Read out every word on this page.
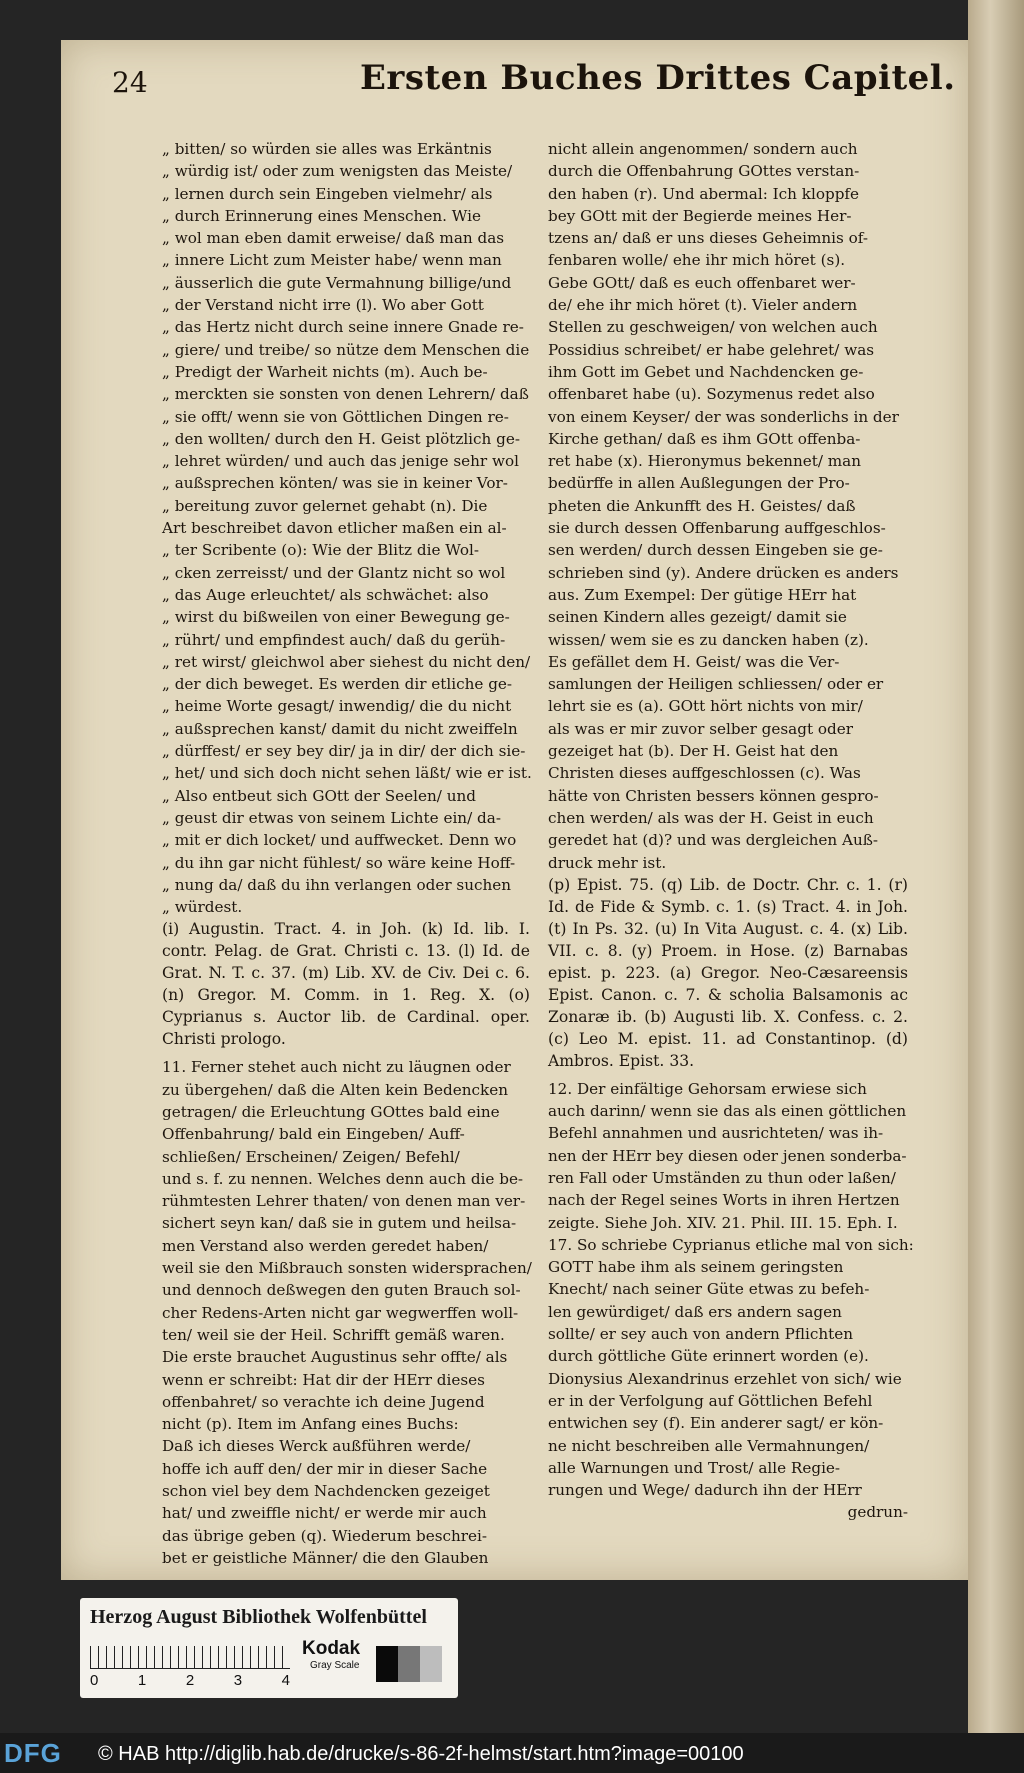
24	Ersten Buches Drittes Capitel.
„ bitten/ so würden sie alles was Erkäntnis
„ würdig ist/ oder zum wenigsten das Meiste/
„ lernen durch sein Eingeben vielmehr/ als
„ durch Erinnerung eines Menschen. Wie
„ wol man eben damit erweise/ daß man das
„ innere Licht zum Meister habe/ wenn man
„ äusserlich die gute Vermahnung billige/und
„ der Verstand nicht irre (l). Wo aber Gott
„ das Hertz nicht durch seine innere Gnade re-
„ giere/ und treibe/ so nütze dem Menschen die
„ Predigt der Warheit nichts (m). Auch be-
„ merckten sie sonsten von denen Lehrern/ daß
„ sie offt/ wenn sie von Göttlichen Dingen re-
„ den wollten/ durch den H. Geist plötzlich ge-
„ lehret würden/ und auch das jenige sehr wol
„ außsprechen könten/ was sie in keiner Vor-
„ bereitung zuvor gelernet gehabt (n). Die
Art beschreibet davon etlicher maßen ein al-
„ ter Scribente (o): Wie der Blitz die Wol-
„ cken zerreisst/ und der Glantz nicht so wol
„ das Auge erleuchtet/ als schwächet: also
„ wirst du bißweilen von einer Bewegung ge-
„ rührt/ und empfindest auch/ daß du gerüh-
„ ret wirst/ gleichwol aber siehest du nicht den/
„ der dich beweget. Es werden dir etliche ge-
„ heime Worte gesagt/ inwendig/ die du nicht
„ außsprechen kanst/ damit du nicht zweiffeln
„ dürffest/ er sey bey dir/ ja in dir/ der dich sie-
„ het/ und sich doch nicht sehen läßt/ wie er ist.
„ Also entbeut sich GOtt der Seelen/ und
„ geust dir etwas von seinem Lichte ein/ da-
„ mit er dich locket/ und auffwecket. Denn wo
„ du ihn gar nicht fühlest/ so wäre keine Hoff-
„ nung da/ daß du ihn verlangen oder suchen
„ würdest.

(i) Augustin. Tract. 4. in Joh. (k) Id. lib. I. contr. Pelag. de Grat. Christi c. 13. (l) Id. de Grat. N. T. c. 37. (m) Lib. XV. de Civ. Dei c. 6. (n) Gregor. M. Comm. in 1. Reg. X. (o) Cyprianus s. Auctor lib. de Cardinal. oper. Christi prologo.

11. Ferner stehet auch nicht zu läugnen oder
zu übergehen/ daß die Alten kein Bedencken
getragen/ die Erleuchtung GOttes bald eine
Offenbahrung/ bald ein Eingeben/ Auff-
schließen/ Erscheinen/ Zeigen/ Befehl/
und s. f. zu nennen. Welches denn auch die be-
rühmtesten Lehrer thaten/ von denen man ver-
sichert seyn kan/ daß sie in gutem und heilsa-
men Verstand also werden geredet haben/
weil sie den Mißbrauch sonsten widersprachen/
und dennoch deßwegen den guten Brauch sol-
cher Redens-Arten nicht gar wegwerffen woll-
ten/ weil sie der Heil. Schrifft gemäß waren.
Die erste brauchet Augustinus sehr offte/ als
wenn er schreibt: Hat dir der HErr dieses
offenbahret/ so verachte ich deine Jugend
nicht (p). Item im Anfang eines Buchs:
Daß ich dieses Werck außführen werde/
hoffe ich auff den/ der mir in dieser Sache
schon viel bey dem Nachdencken gezeiget
hat/ und zweiffle nicht/ er werde mir auch
das übrige geben (q). Wiederum beschrei-
bet er geistliche Männer/ die den Glauben
nicht allein angenommen/ sondern auch
durch die Offenbahrung GOttes verstan-
den haben (r). Und abermal: Ich kloppfe
bey GOtt mit der Begierde meines Her-
tzens an/ daß er uns dieses Geheimnis of-
fenbaren wolle/ ehe ihr mich höret (s).
Gebe GOtt/ daß es euch offenbaret wer-
de/ ehe ihr mich höret (t). Vieler andern
Stellen zu geschweigen/ von welchen auch
Possidius schreibet/ er habe gelehret/ was
ihm Gott im Gebet und Nachdencken ge-
offenbaret habe (u). Sozymenus redet also
von einem Keyser/ der was sonderlichs in der
Kirche gethan/ daß es ihm GOtt offenba-
ret habe (x). Hieronymus bekennet/ man
bedürffe in allen Außlegungen der Pro-
pheten die Ankunfft des H. Geistes/ daß
sie durch dessen Offenbarung auffgeschlos-
sen werden/ durch dessen Eingeben sie ge-
schrieben sind (y). Andere drücken es anders
aus. Zum Exempel: Der gütige HErr hat
seinen Kindern alles gezeigt/ damit sie
wissen/ wem sie es zu dancken haben (z).
Es gefället dem H. Geist/ was die Ver-
samlungen der Heiligen schliessen/ oder er
lehrt sie es (a). GOtt hört nichts von mir/
als was er mir zuvor selber gesagt oder
gezeiget hat (b). Der H. Geist hat den
Christen dieses auffgeschlossen (c). Was
hätte von Christen bessers können gespro-
chen werden/ als was der H. Geist in euch
geredet hat (d)? und was dergleichen Auß-
druck mehr ist.

(p) Epist. 75. (q) Lib. de Doctr. Chr. c. 1. (r) Id. de Fide & Symb. c. 1. (s) Tract. 4. in Joh. (t) In Ps. 32. (u) In Vita August. c. 4. (x) Lib. VII. c. 8. (y) Proem. in Hose. (z) Barnabas epist. p. 223. (a) Gregor. Neo-Cæsareensis Epist. Canon. c. 7. & scholia Balsamonis ac Zonaræ ib. (b) Augusti lib. X. Confess. c. 2. (c) Leo M. epist. 11. ad Constantinop. (d) Ambros. Epist. 33.

12. Der einfältige Gehorsam erwiese sich
auch darinn/ wenn sie das als einen göttlichen
Befehl annahmen und ausrichteten/ was ih-
nen der HErr bey diesen oder jenen sonderba-
ren Fall oder Umständen zu thun oder laßen/
nach der Regel seines Worts in ihren Hertzen
zeigte. Siehe Joh. XIV. 21. Phil. III. 15. Eph. I.
17. So schriebe Cyprianus etliche mal von sich:
GOTT habe ihm als seinem geringsten
Knecht/ nach seiner Güte etwas zu befeh-
len gewürdiget/ daß ers andern sagen
sollte/ er sey auch von andern Pflichten
durch göttliche Güte erinnert worden (e).
Dionysius Alexandrinus erzehlet von sich/ wie
er in der Verfolgung auf Göttlichen Befehl
entwichen sey (f). Ein anderer sagt/ er kön-
ne nicht beschreiben alle Vermahnungen/
alle Warnungen und Trost/ alle Regie-
rungen und Wege/ dadurch ihn der HErr

gedrun-

Herzog August Bibliothek Wolfenbüttel
0	1	2	3	4
Kodak
Gray Scale
DFG © HAB http://diglib.hab.de/drucke/s-86-2f-helmst/start.htm?image=00100
